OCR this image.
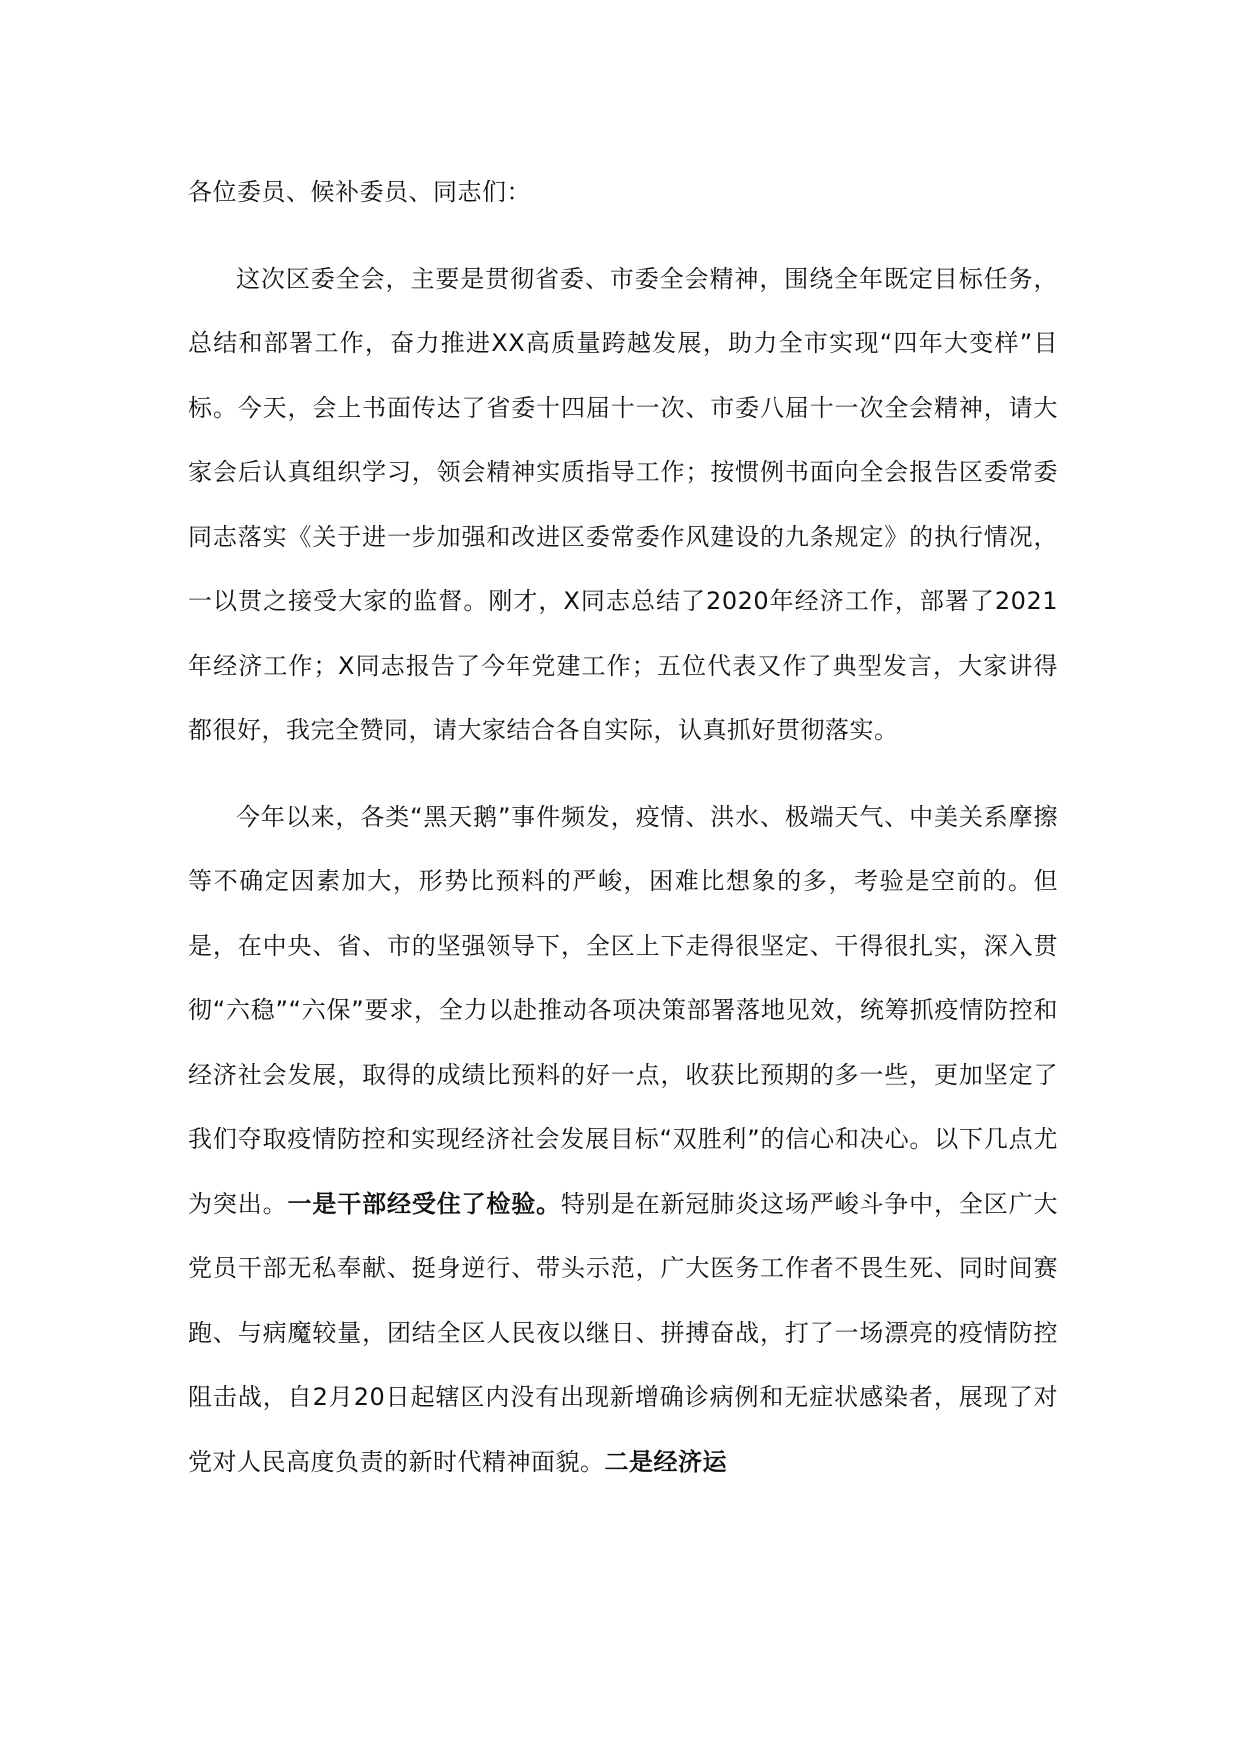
各位委员、候补委员、同志们：

这次区委全会，主要是贯彻省委、市委全会精神，围绕全年既定目标任务，总结和部署工作，奋力推进XX高质量跨越发展，助力全市实现“四年大变样”目标。今天，会上书面传达了省委十四届十一次、市委八届十一次全会精神，请大家会后认真组织学习，领会精神实质指导工作；按惯例书面向全会报告区委常委同志落实《关于进一步加强和改进区委常委作风建设的九条规定》的执行情况，一以贯之接受大家的监督。刚才，X同志总结了2020年经济工作，部署了2021年经济工作；X同志报告了今年党建工作；五位代表又作了典型发言，大家讲得都很好，我完全赞同，请大家结合各自实际，认真抓好贯彻落实。

今年以来，各类“黑天鹅”事件频发，疫情、洪水、极端天气、中美关系摩擦等不确定因素加大，形势比预料的严峻，困难比想象的多，考验是空前的。但是，在中央、省、市的坚强领导下，全区上下走得很坚定、干得很扎实，深入贯彻“六稳”“六保”要求，全力以赴推动各项决策部署落地见效，统筹抓疫情防控和经济社会发展，取得的成绩比预料的好一点，收获比预期的多一些，更加坚定了我们夺取疫情防控和实现经济社会发展目标“双胜利”的信心和决心。以下几点尤为突出。一是干部经受住了检验。特别是在新冠肺炎这场严峻斗争中，全区广大党员干部无私奉献、挺身逆行、带头示范，广大医务工作者不畏生死、同时间赛跑、与病魔较量，团结全区人民夜以继日、拼搏奋战，打了一场漂亮的疫情防控阻击战，自2月20日起辖区内没有出现新增确诊病例和无症状感染者，展现了对党对人民高度负责的新时代精神面貌。二是经济运
